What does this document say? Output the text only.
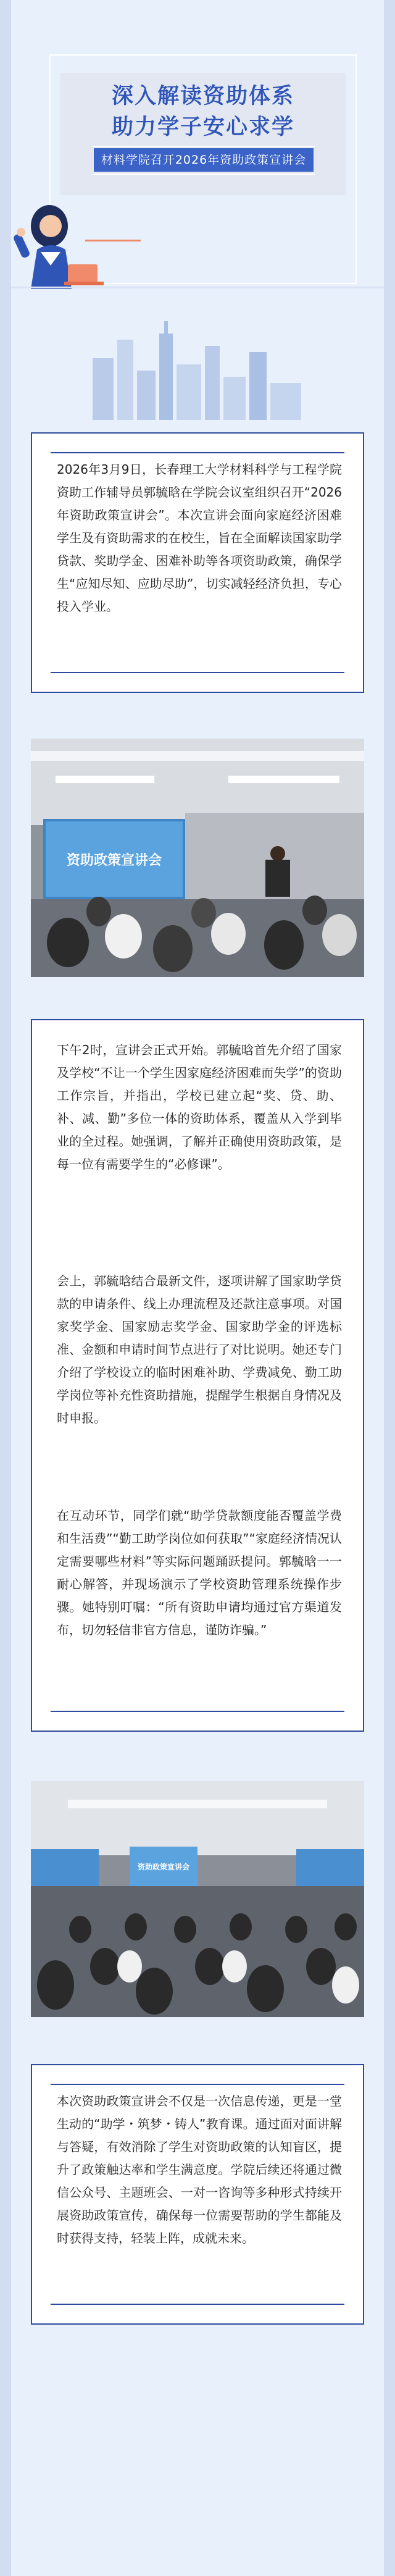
深入解读资助体系
助力学子安心求学
材料学院召开2026年资助政策宣讲会
2026年3月9日，长春理工大学材料科学与工程学院资助工作辅导员郭毓晗在学院会议室组织召开“2026年资助政策宣讲会”。本次宣讲会面向家庭经济困难学生及有资助需求的在校生，旨在全面解读国家助学贷款、奖助学金、困难补助等各项资助政策，确保学生“应知尽知、应助尽助”，切实减轻经济负担，专心投入学业。
资助政策宣讲会
下午2时，宣讲会正式开始。郭毓晗首先介绍了国家及学校“不让一个学生因家庭经济困难而失学”的资助工作宗旨，并指出，学校已建立起“奖、贷、助、补、减、勤”多位一体的资助体系，覆盖从入学到毕业的全过程。她强调，了解并正确使用资助政策，是每一位有需要学生的“必修课”。
会上，郭毓晗结合最新文件，逐项讲解了国家助学贷款的申请条件、线上办理流程及还款注意事项。对国家奖学金、国家励志奖学金、国家助学金的评选标准、金额和申请时间节点进行了对比说明。她还专门介绍了学校设立的临时困难补助、学费减免、勤工助学岗位等补充性资助措施，提醒学生根据自身情况及时申报。
在互动环节，同学们就“助学贷款额度能否覆盖学费和生活费”“勤工助学岗位如何获取”“家庭经济情况认定需要哪些材料”等实际问题踊跃提问。郭毓晗一一耐心解答，并现场演示了学校资助管理系统操作步骤。她特别叮嘱：“所有资助申请均通过官方渠道发布，切勿轻信非官方信息，谨防诈骗。”
资助政策宣讲会
本次资助政策宣讲会不仅是一次信息传递，更是一堂生动的“助学・筑梦・铸人”教育课。通过面对面讲解与答疑，有效消除了学生对资助政策的认知盲区，提升了政策触达率和学生满意度。学院后续还将通过微信公众号、主题班会、一对一咨询等多种形式持续开展资助政策宣传，确保每一位需要帮助的学生都能及时获得支持，轻装上阵，成就未来。
